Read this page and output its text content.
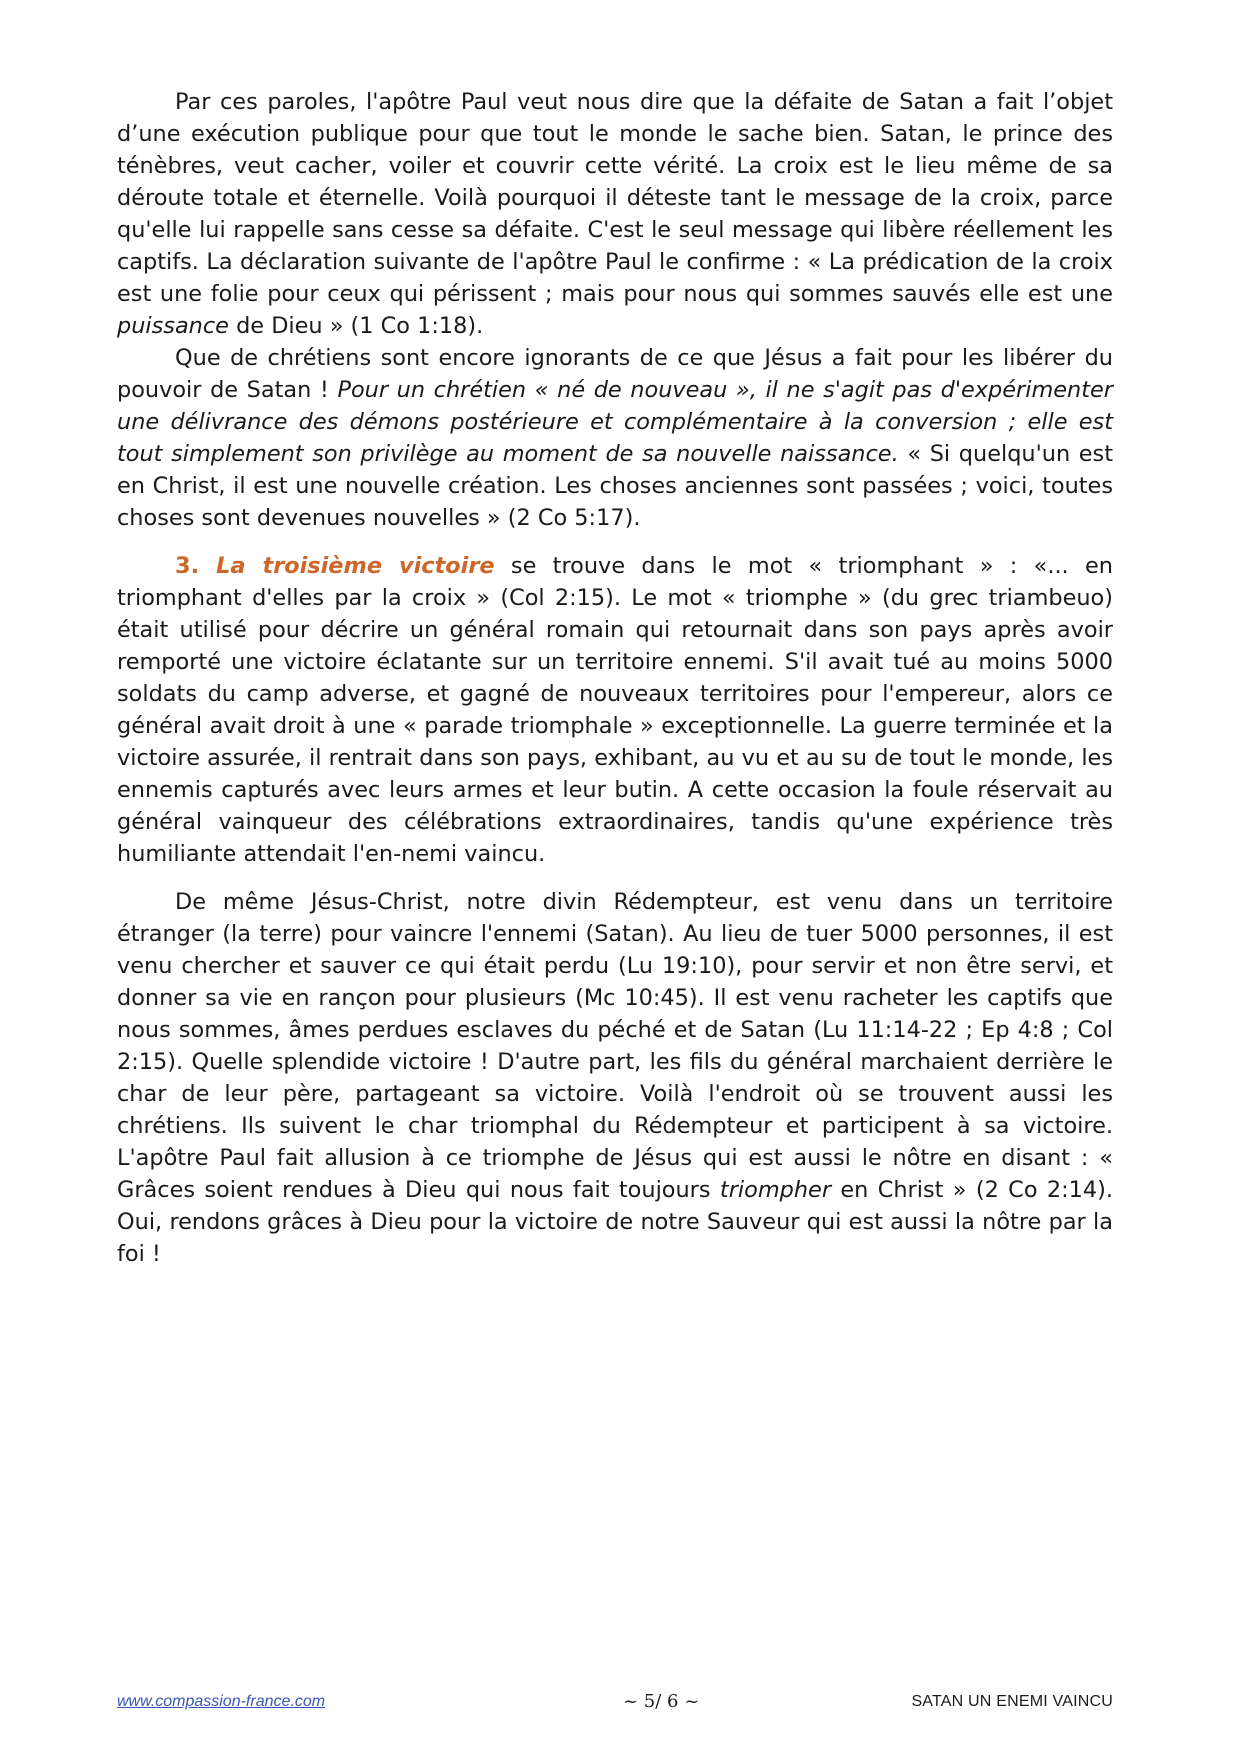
Par ces paroles, l'apôtre Paul veut nous dire que la défaite de Satan a fait l’objet d’une exécution publique pour que tout le monde le sache bien. Satan, le prince des ténèbres, veut cacher, voiler et couvrir cette vérité. La croix est le lieu même de sa déroute totale et éternelle. Voilà pourquoi il déteste tant le message de la croix, parce qu'elle lui rappelle sans cesse sa défaite. C'est le seul message qui libère réellement les captifs. La déclaration suivante de l'apôtre Paul le confirme : « La prédication de la croix est une folie pour ceux qui périssent ; mais pour nous qui sommes sauvés elle est une puissance de Dieu » (1 Co 1:18).

Que de chrétiens sont encore ignorants de ce que Jésus a fait pour les libérer du pouvoir de Satan ! Pour un chrétien « né de nouveau », il ne s'agit pas d'expérimenter une délivrance des démons postérieure et complémentaire à la conversion ; elle est tout simplement son privilège au moment de sa nouvelle naissance. « Si quelqu'un est en Christ, il est une nouvelle création. Les choses anciennes sont passées ; voici, toutes choses sont devenues nouvelles » (2 Co 5:17).

3. La troisième victoire se trouve dans le mot « triomphant » : «... en triomphant d'elles par la croix » (Col 2:15). Le mot « triomphe » (du grec triambeuo) était utilisé pour décrire un général romain qui retournait dans son pays après avoir remporté une victoire éclatante sur un territoire ennemi. S'il avait tué au moins 5000 soldats du camp adverse, et gagné de nouveaux territoires pour l'empereur, alors ce général avait droit à une « parade triomphale » exceptionnelle. La guerre terminée et la victoire assurée, il rentrait dans son pays, exhibant, au vu et au su de tout le monde, les ennemis capturés avec leurs armes et leur butin. A cette occasion la foule réservait au général vainqueur des célébrations extraordinaires, tandis qu'une expérience très humiliante attendait l'en-nemi vaincu.

De même Jésus-Christ, notre divin Rédempteur, est venu dans un territoire étranger (la terre) pour vaincre l'ennemi (Satan). Au lieu de tuer 5000 personnes, il est venu chercher et sauver ce qui était perdu (Lu 19:10), pour servir et non être servi, et donner sa vie en rançon pour plusieurs (Mc 10:45). Il est venu racheter les captifs que nous sommes, âmes perdues esclaves du péché et de Satan (Lu 11:14-22 ; Ep 4:8 ; Col 2:15). Quelle splendide victoire ! D'autre part, les fils du général marchaient derrière le char de leur père, partageant sa victoire. Voilà l'endroit où se trouvent aussi les chrétiens. Ils suivent le char triomphal du Rédempteur et participent à sa victoire. L'apôtre Paul fait allusion à ce triomphe de Jésus qui est aussi le nôtre en disant : « Grâces soient rendues à Dieu qui nous fait toujours triompher en Christ » (2 Co 2:14). Oui, rendons grâces à Dieu pour la victoire de notre Sauveur qui est aussi la nôtre par la foi !

www.compassion-france.com	~ 5/ 6 ~	SATAN UN ENEMI VAINCU
